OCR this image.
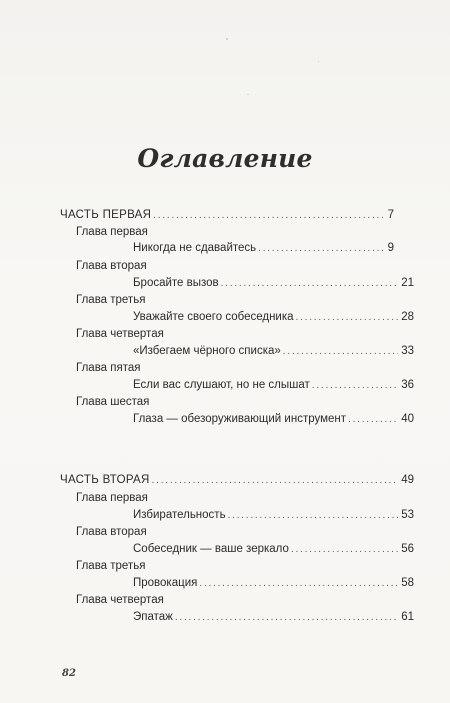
Оглавление
ЧАСТЬ ПЕРВАЯ . . .	7
Глава первая
Никогда не сдавайтесь . . .	9
Глава вторая
Бросайте вызов . . .	21
Глава третья
Уважайте своего собеседника . . .	28
Глава четвертая
«Избегаем чёрного списка» . . .	33
Глава пятая
Если вас слушают, но не слышат . . .	36
Глава шестая
Глаза — обезоруживающий инструмент . . .	40
ЧАСТЬ ВТОРАЯ . . .	49
Глава первая
Избирательность . . .	53
Глава вторая
Собеседник — ваше зеркало . . .	56
Глава третья
Провокация . . .	58
Глава четвертая
Эпатаж . . .	61
82
